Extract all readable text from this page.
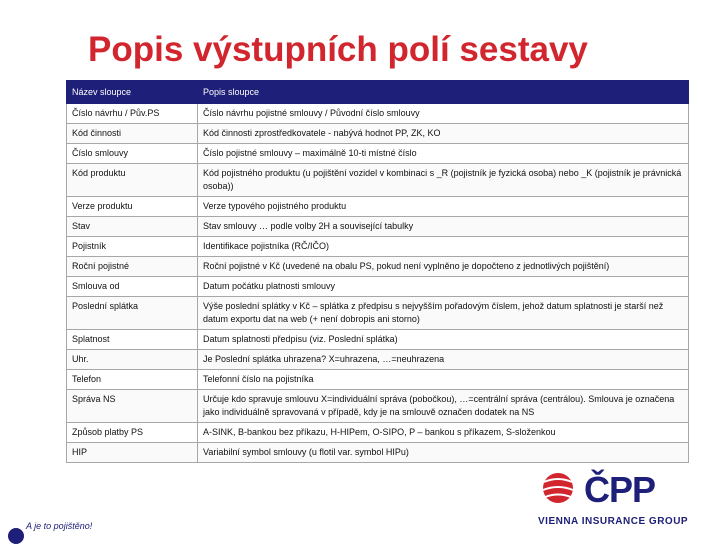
Popis výstupních polí sestavy
Název sloupce	Popis sloupce
Číslo návrhu / Pův.PS	Číslo návrhu pojistné smlouvy / Původní číslo smlouvy
Kód činnosti	Kód činnosti zprostředkovatele - nabývá hodnot PP, ZK, KO
Číslo smlouvy	Číslo pojistné smlouvy – maximálně 10-ti místné číslo
Kód produktu	Kód pojistného produktu (u pojištění vozidel v kombinaci s _R (pojistník je fyzická osoba) nebo _K (pojistník je právnická osoba))
Verze produktu	Verze typového pojistného produktu
Stav	Stav smlouvy … podle volby 2H a související tabulky
Pojistník	Identifikace pojistníka (RČ/IČO)
Roční pojistné	Roční pojistné v Kč (uvedené na obalu PS, pokud není vyplněno je dopočteno z jednotlivých pojištění)
Smlouva od	Datum počátku platnosti smlouvy
Poslední splátka	Výše poslední splátky v Kč – splátka z předpisu s nejvyšším pořadovým číslem, jehož datum splatnosti je starší než datum exportu dat na web (+ není dobropis ani storno)
Splatnost	Datum splatnosti předpisu (viz. Poslední splátka)
Uhr.	Je Poslední splátka uhrazena? X=uhrazena, …=neuhrazena
Telefon	Telefonní číslo na pojistníka
Správa NS	Určuje kdo spravuje smlouvu X=individuální správa (pobočkou), …=centrální správa (centrálou). Smlouva je označena jako individuálně spravovaná v případě, kdy je na smlouvě označen dodatek na NS
Způsob platby PS	A-SINK, B-bankou bez příkazu, H-HIPem, O-SIPO, P – bankou s příkazem, S-složenkou
HIP	Variabilní symbol smlouvy (u flotil var. symbol HIPu)
ČPP
VIENNA INSURANCE GROUP
A je to pojištěno!
